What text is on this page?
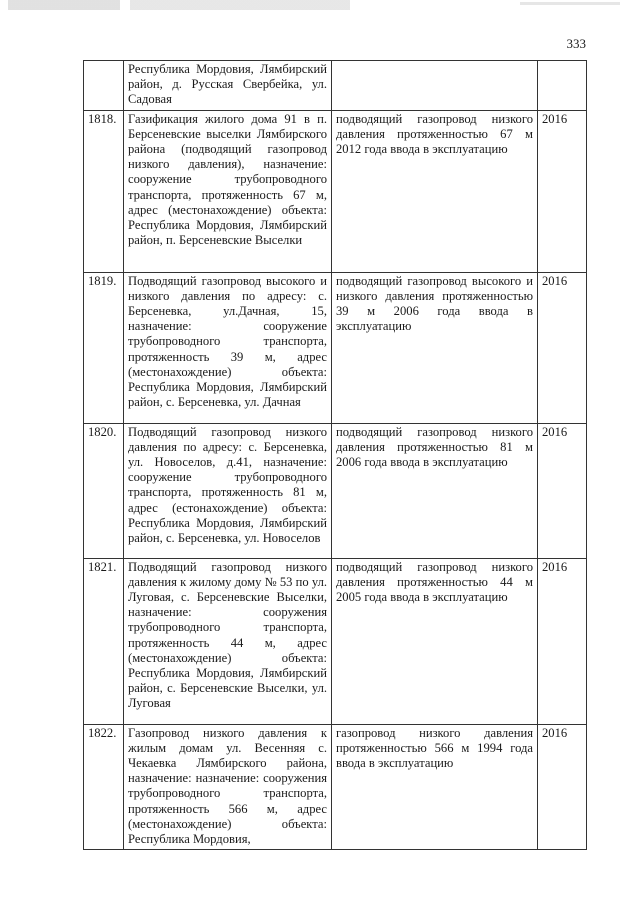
333
	Республика Мордовия, Лямбирский район, д. Русская Свербейка, ул. Садовая		
1818.	Газификация жилого дома 91 в п. Берсеневские выселки Лямбирского района (подводящий газопровод низкого давления), назначение: сооружение трубопроводного транспорта, протяженность 67 м, адрес (местонахождение) объекта: Республика Мордовия, Лямбирский район, п. Берсеневские Выселки	подводящий газопровод низкого давления протяженностью 67 м 2012 года ввода в эксплуатацию	2016
1819.	Подводящий газопровод высокого и низкого давления по адресу: с. Берсеневка, ул.Дачная, 15, назначение: сооружение трубопроводного транспорта, протяженность 39 м, адрес (местонахождение) объекта: Республика Мордовия, Лямбирский район, с. Берсеневка, ул. Дачная	подводящий газопровод высокого и низкого давления протяженностью 39 м 2006 года ввода в эксплуатацию	2016
1820.	Подводящий газопровод низкого давления по адресу: с. Берсеневка, ул. Новоселов, д.41, назначение: сооружение трубопроводного транспорта, протяженность 81 м, адрес (естонахождение) объекта: Республика Мордовия, Лямбирский район, с. Берсеневка, ул. Новоселов	подводящий газопровод низкого давления протяженностью 81 м 2006 года ввода в эксплуатацию	2016
1821.	Подводящий газопровод низкого давления к жилому дому № 53 по ул. Луговая, с. Берсеневские Выселки, назначение: сооружения трубопроводного транспорта, протяженность 44 м, адрес (местонахождение) объекта: Республика Мордовия, Лямбирский район, с. Берсеневские Выселки, ул. Луговая	подводящий газопровод низкого давления протяженностью 44 м 2005 года ввода в эксплуатацию	2016
1822.	Газопровод низкого давления к жилым домам ул. Весенняя с. Чекаевка Лямбирского района, назначение: назначение: сооружения трубопроводного транспорта, протяженность 566 м, адрес (местонахождение) объекта: Республика Мордовия,	газопровод низкого давления протяженностью 566 м 1994 года ввода в эксплуатацию	2016
